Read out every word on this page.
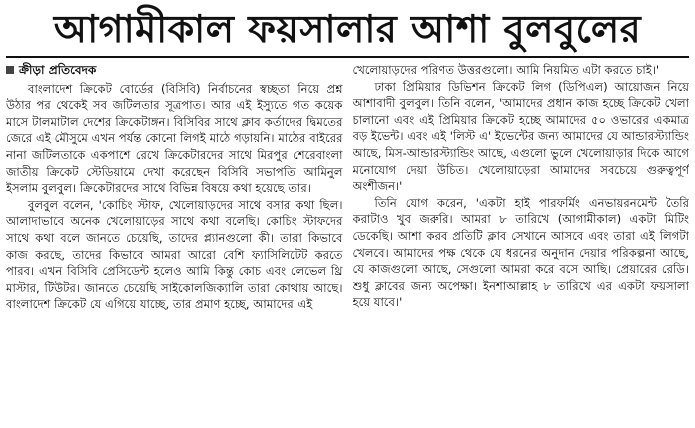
আগামীকাল ফয়সালার আশা বুলবুলের
ক্রীড়া প্রতিবেদক

বাংলাদেশ ক্রিকেট বোর্ডের (বিসিবি) নির্বাচনের স্বচ্ছতা নিয়ে প্রশ্ন উঠার পর থেকেই সব জটিলতার সূত্রপাত। আর এই ইস্যুতে গত কয়েক মাসে টালমাটাল দেশের ক্রিকেটাঙ্গন। বিসিবির সাথে ক্লাব কর্তাদের দ্বিমতের জেরে এই মৌসুমে এখন পর্যন্ত কোনো লিগই মাঠে গড়ায়নি। মাঠের বাইরের নানা জটিলতাকে একপাশে রেখে ক্রিকেটারদের সাথে মিরপুর শেরেবাংলা জাতীয় ক্রিকেট স্টেডিয়ামে দেখা করেছেন বিসিবি সভাপতি আমিনুল ইসলাম বুলবুল। ক্রিকেটারদের সাথে বিভিন্ন বিষয়ে কথা হয়েছে তার।

বুলবুল বলেন, 'কোচিং স্টাফ, খেলোয়াড়দের সাথে বসার কথা ছিল। আলাদাভাবে অনেক খেলোয়াড়ের সাথে কথা বলেছি। কোচিং স্টাফদের সাথে কথা বলে জানতে চেয়েছি, তাদের প্ল্যানগুলো কী। তারা কিভাবে কাজ করছে, তাদের কিভাবে আমরা আরো বেশি ফ্যাসিলিটেট করতে পারব। এখন বিসিবি প্রেসিডেন্ট হলেও আমি কিন্তু কোচ এবং লেভেল থ্রি মাস্টার, টিউটর। জানতে চেয়েছি সাইকোলজিক্যালি তারা কোথায় আছে। বাংলাদেশ ক্রিকেট যে এগিয়ে যাচ্ছে, তার প্রমাণ হচ্ছে, আমাদের এই

খেলোয়াড়দের পরিণত উত্তরগুলো। আমি নিয়মিত এটা করতে চাই।'

ঢাকা প্রিমিয়ার ডিভিশন ক্রিকেট লিগ (ডিপিএল) আয়োজন নিয়ে আশাবাদী বুলবুল। তিনি বলেন, 'আমাদের প্রধান কাজ হচ্ছে ক্রিকেট খেলা চালানো এবং এই প্রিমিয়ার ক্রিকেট হচ্ছে আমাদের ৫০ ওভারের একমাত্র বড় ইভেন্ট। এবং এই 'লিস্ট এ' ইভেন্টের জন্য আমাদের যে আন্ডারস্ট্যান্ডিং আছে, মিস-আন্ডারস্ট্যান্ডিং আছে, এগুলো ভুলে খেলোয়াড়ার দিকে আগে মনোযোগ দেয়া উচিত। খেলোয়াড়েরা আমাদের সবচেয়ে গুরুত্বপূর্ণ অংশীজন।'

তিনি যোগ করেন, 'একটা হাই পারফর্মিং এনভায়রনমেন্ট তৈরি করাটাও খুব জরুরি। আমরা ৮ তারিখে (আগামীকাল) একটা মিটিং ডেকেছি। আশা করব প্রতিটি ক্লাব সেখানে আসবে এবং তারা এই লিগটা খেলবে। আমাদের পক্ষ থেকে যে ধরনের অনুদান দেয়ার পরিকল্পনা আছে, যে কাজগুলো আছে, সেগুলো আমরা করে বসে আছি। প্রেয়ারের রেডি। শুধু ক্লাবের জন্য অপেক্ষা। ইনশাআল্লাহ ৮ তারিখে এর একটা ফয়সালা হয়ে যাবে।'
